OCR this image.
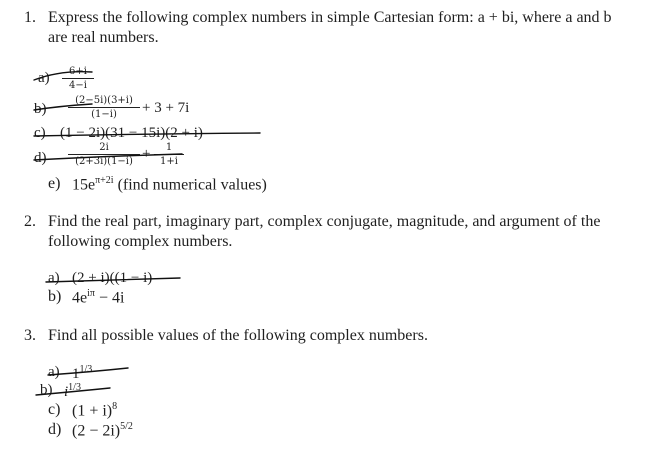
1. Express the following complex numbers in simple Cartesian form: a + bi, where a and b
are real numbers.
a)	6+i
4−i
b)
(2−5i)(3+i)
(1−i)	+ 3 + 7i
c) (1 − 2i)(31 − 15i)(2 + i)
d)
2i
(2+3i)(1−i) +	1
1+i
e) $15e^{\pi+2i}$ (find numerical values)
2. Find the real part, imaginary part, complex conjugate, magnitude, and argument of the
following complex numbers.
a) (2 + i)((1 − i)
b) $4e^{i\pi} - 4i$
3. Find all possible values of the following complex numbers.
a) $1^{1/3}$
b) $i^{1/3}$
c) $(1 + i)^8$
d) $(2 - 2i)^{5/2}$
